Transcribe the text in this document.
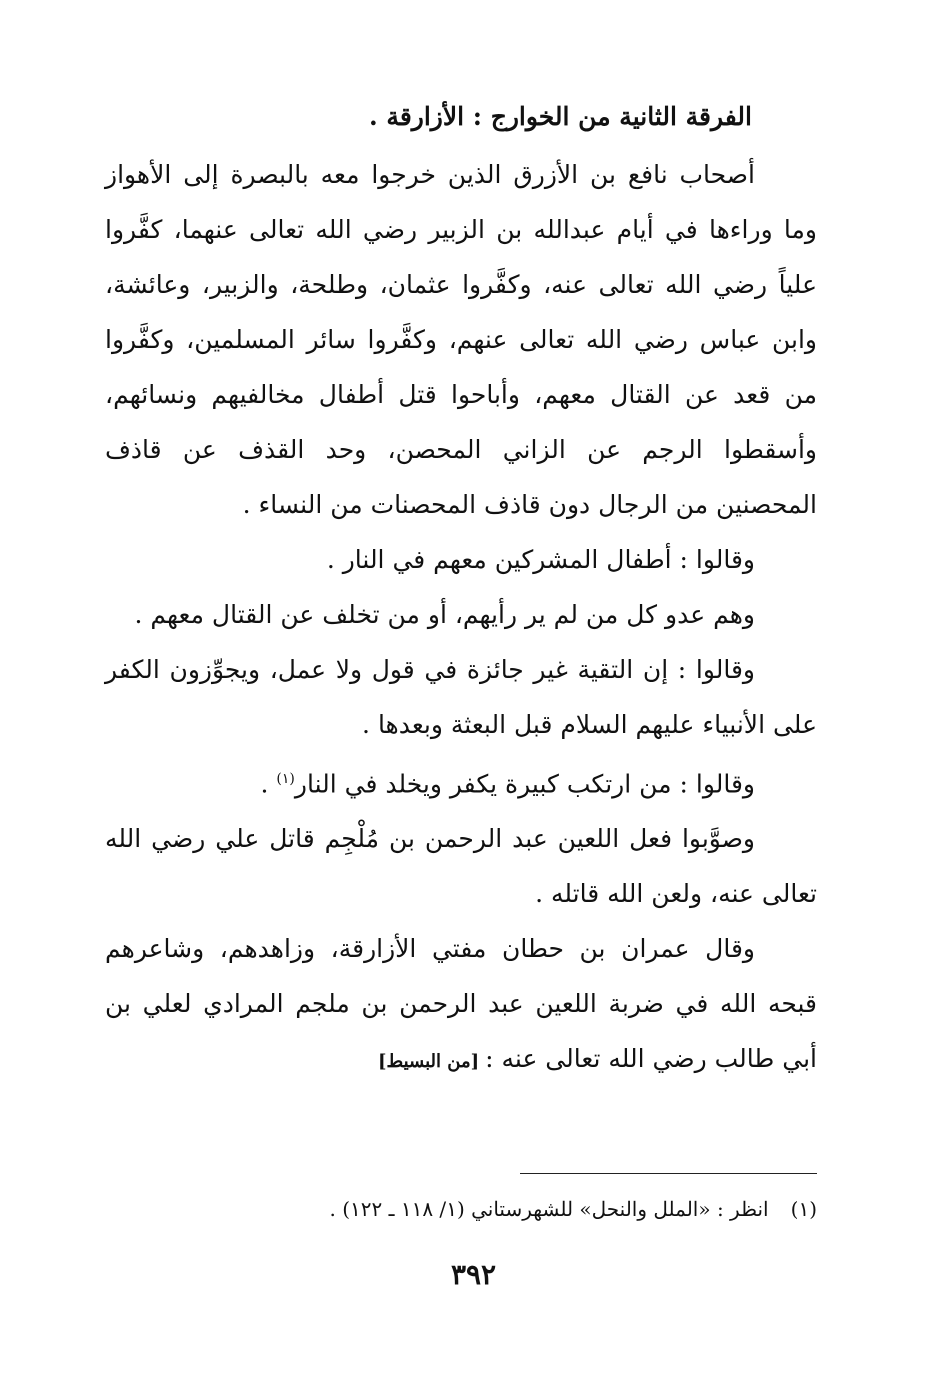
الفرقة الثانية من الخوارج : الأزارقة .

أصحاب نافع بن الأزرق الذين خرجوا معه بالبصرة إلى الأهواز وما وراءها في أيام عبدالله بن الزبير رضي الله تعالى عنهما، كفَّروا علياً رضي الله تعالى عنه، وكفَّروا عثمان، وطلحة، والزبير، وعائشة، وابن عباس رضي الله تعالى عنهم، وكفَّروا سائر المسلمين، وكفَّروا من قعد عن القتال معهم، وأباحوا قتل أطفال مخالفيهم ونسائهم، وأسقطوا الرجم عن الزاني المحصن، وحد القذف عن قاذف المحصنين من الرجال دون قاذف المحصنات من النساء .

وقالوا : أطفال المشركين معهم في النار .

وهم عدو كل من لم ير رأيهم، أو من تخلف عن القتال معهم .

وقالوا : إن التقية غير جائزة في قول ولا عمل، ويجوِّزون الكفر على الأنبياء عليهم السلام قبل البعثة وبعدها .

وقالوا : من ارتكب كبيرة يكفر ويخلد في النار$^{(١)}$ .

وصوَّبوا فعل اللعين عبد الرحمن بن مُلْجِم قاتل علي رضي الله تعالى عنه، ولعن الله قاتله .

وقال عمران بن حطان مفتي الأزارقة، وزاهدهم، وشاعرهم قبحه الله في ضربة اللعين عبد الرحمن بن ملجم المرادي لعلي بن أبي طالب رضي الله تعالى عنه :[من البسيط]

(١)انظر : «الملل والنحل» للشهرستاني (١/ ١١٨ ـ ١٢٢) .
٣٩٢
